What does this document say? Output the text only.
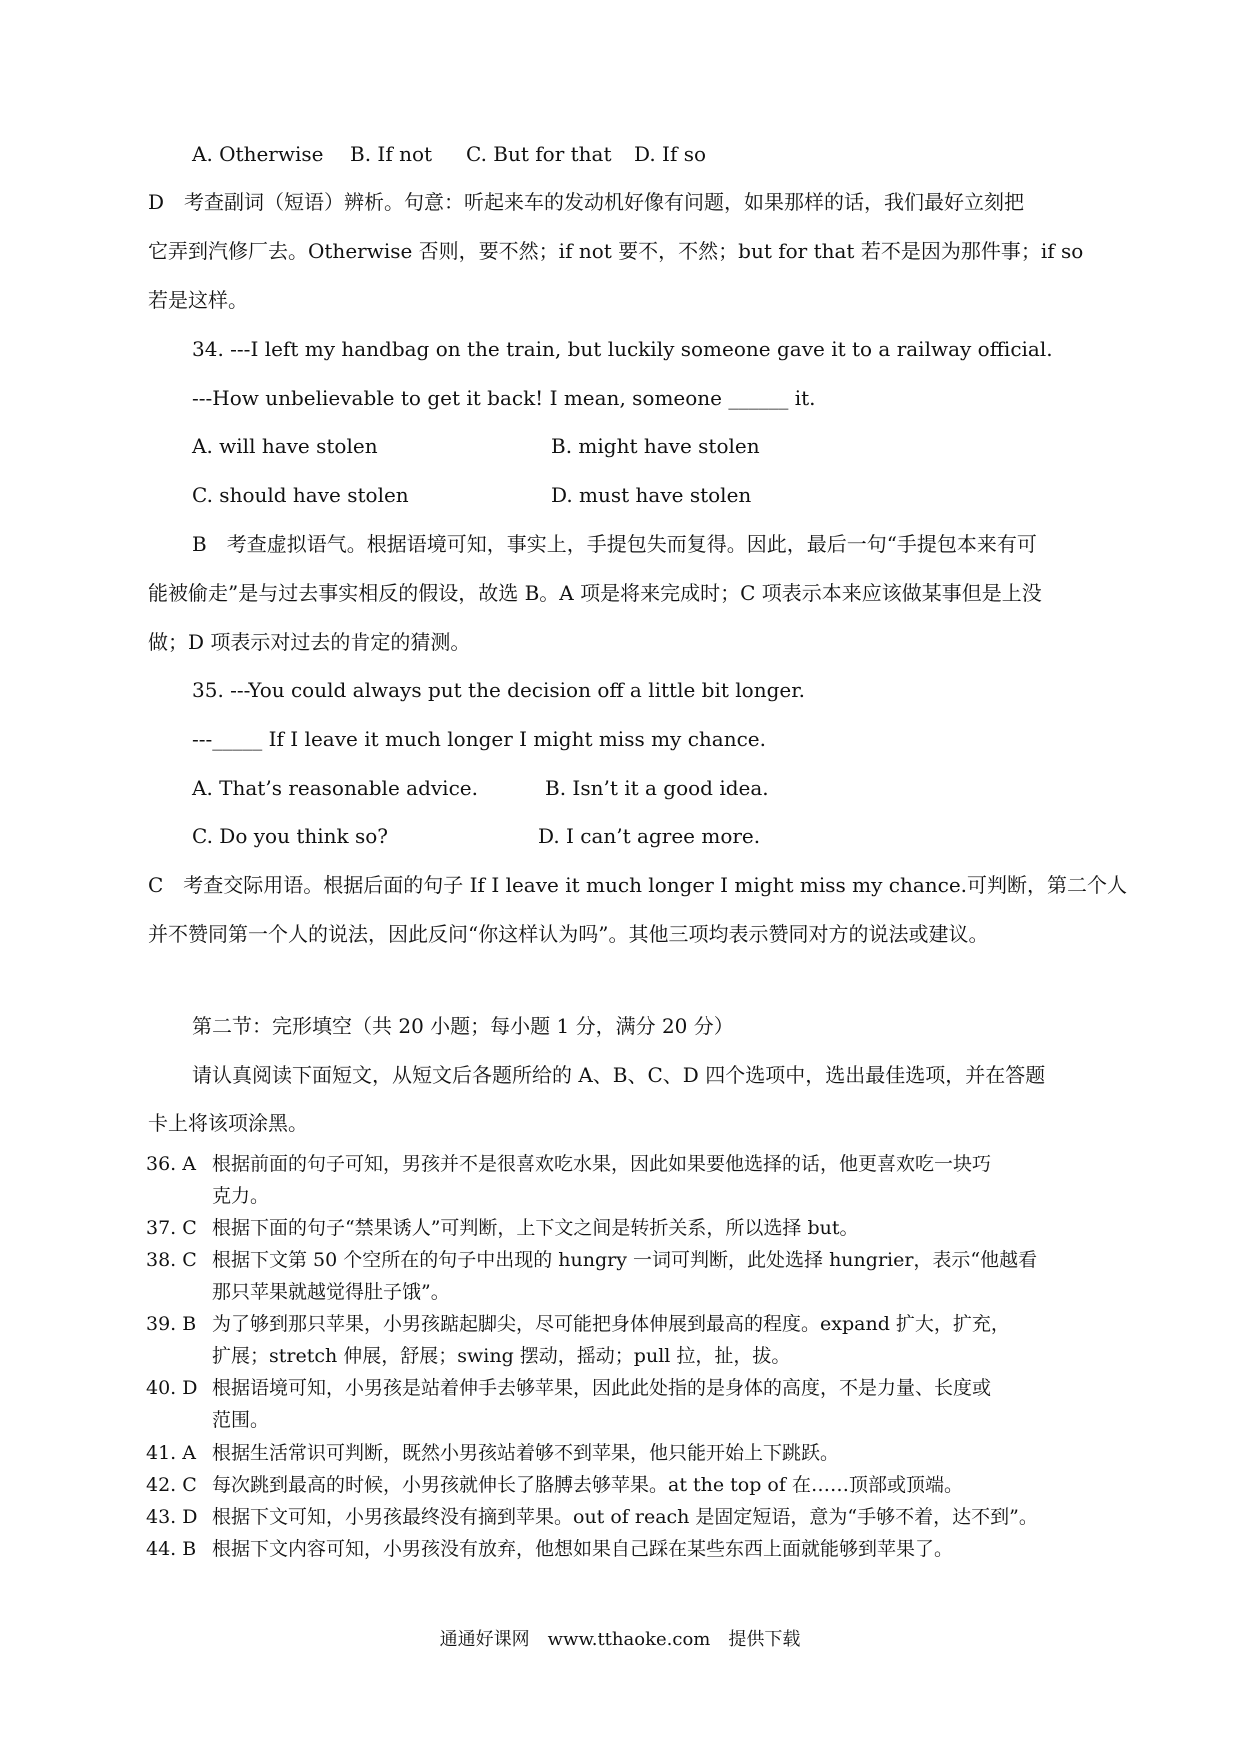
A. Otherwise B. If not C. But for that D. If so
D　考查副词（短语）辨析。句意：听起来车的发动机好像有问题，如果那样的话，我们最好立刻把
它弄到汽修厂去。Otherwise 否则，要不然；if not 要不，不然；but for that 若不是因为那件事；if so
若是这样。
34. ---I left my handbag on the train, but luckily someone gave it to a railway official.
---How unbelievable to get it back! I mean, someone ______ it.
A. will have stolen	B. might have stolen
C. should have stolen	D. must have stolen
B　考查虚拟语气。根据语境可知，事实上，手提包失而复得。因此，最后一句“手提包本来有可
能被偷走”是与过去事实相反的假设，故选 B。A 项是将来完成时；C 项表示本来应该做某事但是上没
做；D 项表示对过去的肯定的猜测。
35. ---You could always put the decision off a little bit longer.
---_____ If I leave it much longer I might miss my chance.
A. That’s reasonable advice.	B. Isn’t it a good idea.
C. Do you think so?	D. I can’t agree more.
C　考查交际用语。根据后面的句子 If I leave it much longer I might miss my chance.可判断，第二个人
并不赞同第一个人的说法，因此反问“你这样认为吗”。其他三项均表示赞同对方的说法或建议。
第二节：完形填空（共 20 小题；每小题 1 分，满分 20 分）
请认真阅读下面短文，从短文后各题所给的 A、B、C、D 四个选项中，选出最佳选项，并在答题
卡上将该项涂黑。
36. A 根据前面的句子可知，男孩并不是很喜欢吃水果，因此如果要他选择的话，他更喜欢吃一块巧
克力。
37. C 根据下面的句子“禁果诱人”可判断，上下文之间是转折关系，所以选择 but。
38. C 根据下文第 50 个空所在的句子中出现的 hungry 一词可判断，此处选择 hungrier，表示“他越看
那只苹果就越觉得肚子饿”。
39. B 为了够到那只苹果，小男孩踮起脚尖，尽可能把身体伸展到最高的程度。expand 扩大，扩充，
扩展；stretch 伸展，舒展；swing 摆动，摇动；pull 拉，扯，拔。
40. D 根据语境可知，小男孩是站着伸手去够苹果，因此此处指的是身体的高度，不是力量、长度或
范围。
41. A 根据生活常识可判断，既然小男孩站着够不到苹果，他只能开始上下跳跃。
42. C 每次跳到最高的时候，小男孩就伸长了胳膊去够苹果。at the top of 在……顶部或顶端。
43. D 根据下文可知，小男孩最终没有摘到苹果。out of reach 是固定短语，意为“手够不着，达不到”。
44. B 根据下文内容可知，小男孩没有放弃，他想如果自己踩在某些东西上面就能够到苹果了。
通通好课网　www.tthaoke.com　提供下载
